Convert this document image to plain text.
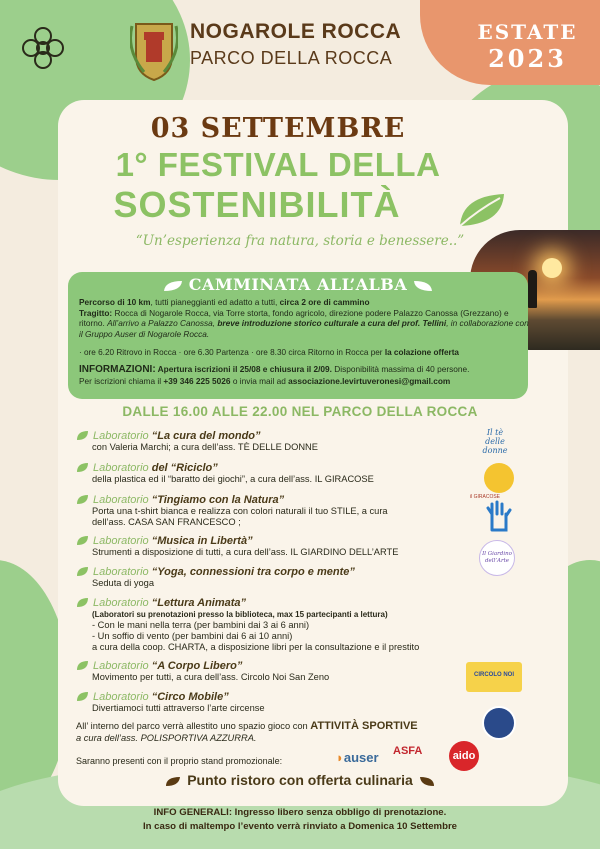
ESTATE
2023
NOGAROLE ROCCA
PARCO DELLA ROCCA
03 SETTEMBRE
1° FESTIVAL DELLA
SOSTENIBILITÀ
“Un’esperienza fra natura, storia e benessere..”
CAMMINATA ALL’ALBA
Percorso di 10 km, tutti pianeggianti ed adatto a tutti, circa 2 ore di cammino
Tragitto: Rocca di Nogarole Rocca, via Torre storta, fondo agricolo, direzione podere Palazzo Canossa (Grezzano) e ritorno. All’arrivo a Palazzo Canossa, breve introduzione storico culturale a cura del prof. Tellini, in collaborazione con il Gruppo Auser di Nogarole Rocca.
· ore 6.20 Ritrovo in Rocca · ore 6.30 Partenza · ore 8.30 circa Ritorno in Rocca per la colazione offerta
INFORMAZIONI: Apertura iscrizioni il 25/08 e chiusura il 2/09. Disponibilità massima di 40 persone.
Per iscrizioni chiama il +39 346 225 5026 o invia mail ad associazione.levirtuveronesi@gmail.com
DALLE 16.00 ALLE 22.00 NEL PARCO DELLA ROCCA
Laboratorio “La cura del mondo”
con Valeria Marchi; a cura dell’ass. TÈ DELLE DONNE
Laboratorio del “Riciclo”
della plastica ed il “baratto dei giochi”, a cura dell’ass. IL GIRACOSE
Laboratorio “Tingiamo con la Natura”
Porta una t-shirt bianca e realizza con colori naturali il tuo STILE, a cura
dell’ass. CASA SAN FRANCESCO ;
Laboratorio “Musica in Libertà”
Strumenti a disposizione di tutti, a cura dell’ass. IL GIARDINO DELL’ARTE
Laboratorio “Yoga, connessioni tra corpo e mente”
Seduta di yoga
Laboratorio “Lettura Animata”
(Laboratori su prenotazioni presso la biblioteca, max 15 partecipanti a lettura)
- Con le mani nella terra (per bambini dai 3 ai 6 anni)
- Un soffio di vento (per bambini dai 6 ai 10 anni)
a cura della coop. CHARTA, a disposizione libri per la consultazione e il prestito
Laboratorio “A Corpo Libero”
Movimento per tutti, a cura dell’ass. Circolo Noi San Zeno
Laboratorio “Circo Mobile”
Divertiamoci tutti attraverso l’arte circense
Il tè delle donne
il GIRACOSE
Il Giardino dell’Arte
CIRCOLO NOI
All’ interno del parco verrà allestito uno spazio gioco con ATTIVITÀ SPORTIVE
a cura dell’ass. POLISPORTIVA AZZURRA.
Saranno presenti con il proprio stand promozionale:	◗auser ASFA	aido
Punto ristoro con offerta culinaria
INFO GENERALI: Ingresso libero senza obbligo di prenotazione.
In caso di maltempo l’evento verrà rinviato a Domenica 10 Settembre
